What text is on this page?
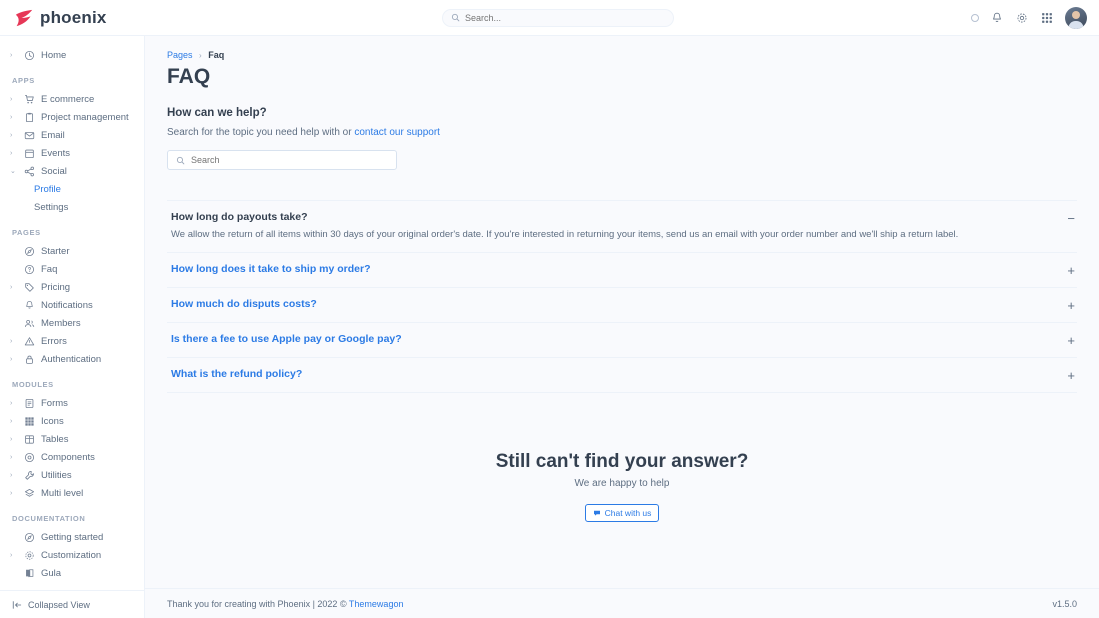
phoenix
Search...
›	Home
APPS
›	E commerce
›	Project management
›	Email
›	Events
⌄	Social
Profile
Settings
PAGES
Starter
Faq
›	Pricing
Notifications
Members
›	Errors
›	Authentication
MODULES
›	Forms
›	Icons
›	Tables
›	Components
›	Utilities
›	Multi level
DOCUMENTATION
Getting started
›	Customization
Gula
Collapsed View
Pages › Faq
FAQ
How can we help?
Search for the topic you need help with or contact our support
Search
How long do payouts take?
We allow the return of all items within 30 days of your original order's date. If you're interested in returning your items, send us an email with your order number and we'll ship a return label.
−
How long does it take to ship my order?	+
How much do disputs costs?	+
Is there a fee to use Apple pay or Google pay?	+
What is the refund policy?	+
Still can't find your answer?
We are happy to help
Chat with us
Thank you for creating with Phoenix | 2022 © Themewagon	v1.5.0
